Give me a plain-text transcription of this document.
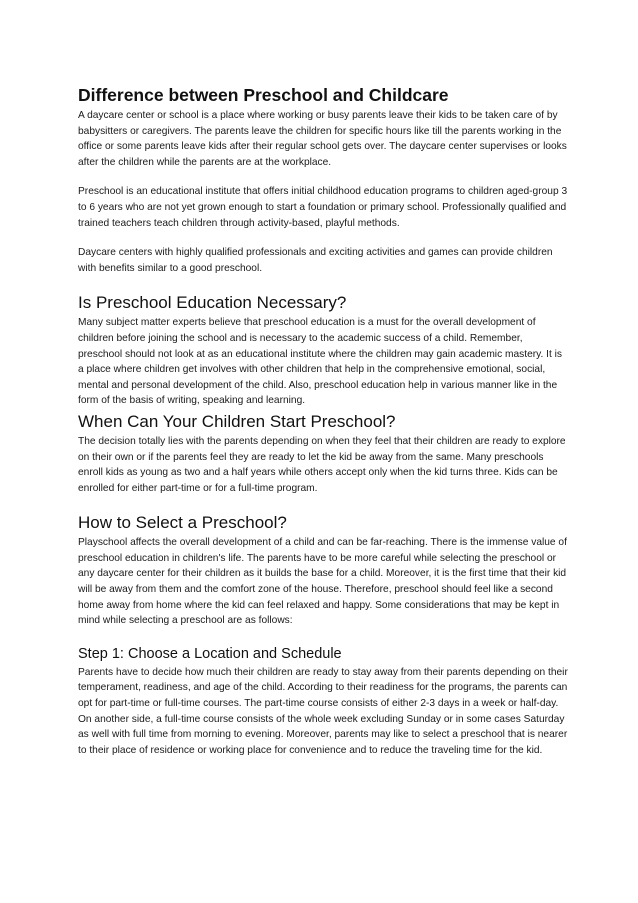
Difference between Preschool and Childcare

A daycare center or school is a place where working or busy parents leave their kids to be taken care of by babysitters or caregivers. The parents leave the children for specific hours like till the parents working in the office or some parents leave kids after their regular school gets over. The daycare center supervises or looks after the children while the parents are at the workplace.

Preschool is an educational institute that offers initial childhood education programs to children aged-group 3 to 6 years who are not yet grown enough to start a foundation or primary school. Professionally qualified and trained teachers teach children through activity-based, playful methods.

Daycare centers with highly qualified professionals and exciting activities and games can provide children with benefits similar to a good preschool.

Is Preschool Education Necessary?

Many subject matter experts believe that preschool education is a must for the overall development of children before joining the school and is necessary to the academic success of a child. Remember, preschool should not look at as an educational institute where the children may gain academic mastery. It is a place where children get involves with other children that help in the comprehensive emotional, social, mental and personal development of the child. Also, preschool education help in various manner like in the form of the basis of writing, speaking and learning.

When Can Your Children Start Preschool?

The decision totally lies with the parents depending on when they feel that their children are ready to explore on their own or if the parents feel they are ready to let the kid be away from the same. Many preschools enroll kids as young as two and a half years while others accept only when the kid turns three. Kids can be enrolled for either part-time or for a full-time program.

How to Select a Preschool?

Playschool affects the overall development of a child and can be far-reaching. There is the immense value of preschool education in children's life. The parents have to be more careful while selecting the preschool or any daycare center for their children as it builds the base for a child. Moreover, it is the first time that their kid will be away from them and the comfort zone of the house. Therefore, preschool should feel like a second home away from home where the kid can feel relaxed and happy. Some considerations that may be kept in mind while selecting a preschool are as follows:

Step 1: Choose a Location and Schedule

Parents have to decide how much their children are ready to stay away from their parents depending on their temperament, readiness, and age of the child. According to their readiness for the programs, the parents can opt for part-time or full-time courses. The part-time course consists of either 2-3 days in a week or half-day. On another side, a full-time course consists of the whole week excluding Sunday or in some cases Saturday as well with full time from morning to evening. Moreover, parents may like to select a preschool that is nearer to their place of residence or working place for convenience and to reduce the traveling time for the kid.
